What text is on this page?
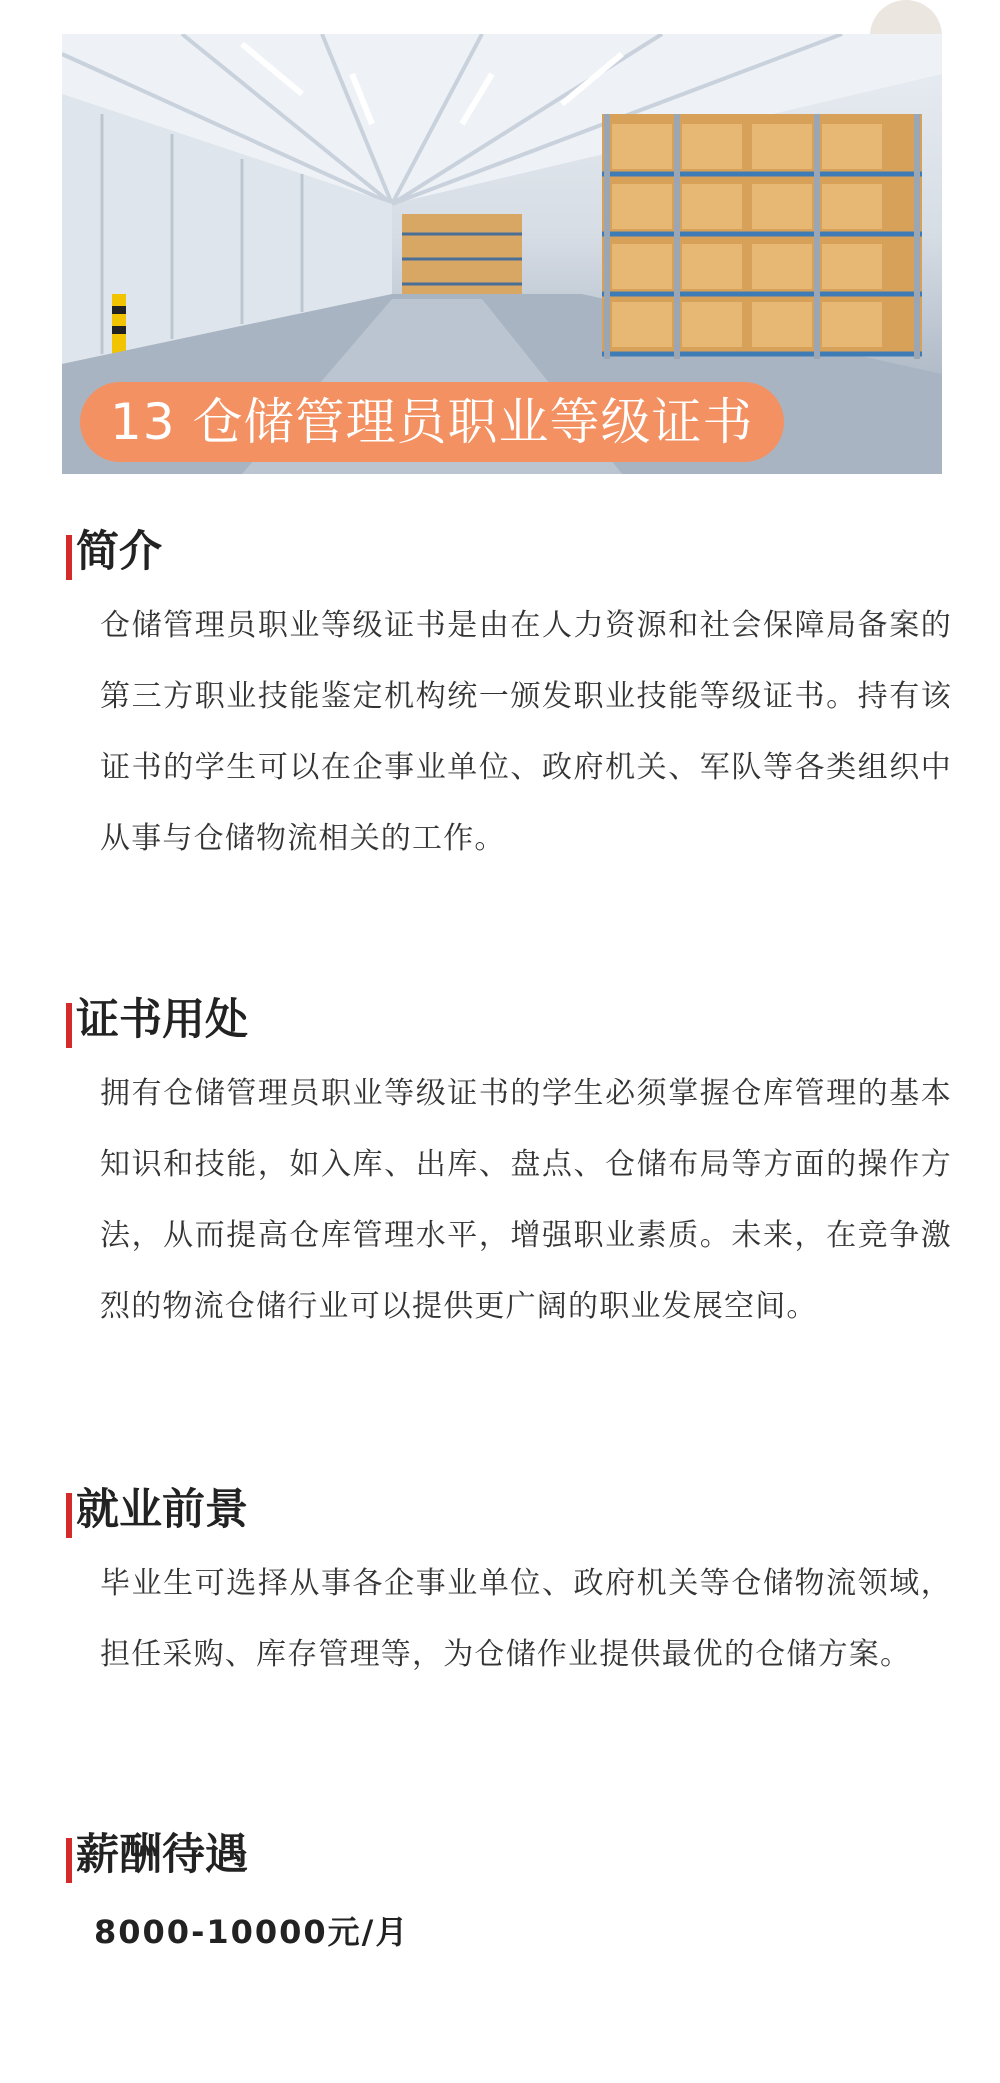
13 仓储管理员职业等级证书
简介
仓储管理员职业等级证书是由在人力资源和社会保障局备案的第三方职业技能鉴定机构统一颁发职业技能等级证书。持有该证书的学生可以在企事业单位、政府机关、军队等各类组织中从事与仓储物流相关的工作。
证书用处
拥有仓储管理员职业等级证书的学生必须掌握仓库管理的基本知识和技能，如入库、出库、盘点、仓储布局等方面的操作方法，从而提高仓库管理水平，增强职业素质。未来，在竞争激烈的物流仓储行业可以提供更广阔的职业发展空间。
就业前景
毕业生可选择从事各企事业单位、政府机关等仓储物流领域，担任采购、库存管理等，为仓储作业提供最优的仓储方案。
薪酬待遇
8000-10000元/月
